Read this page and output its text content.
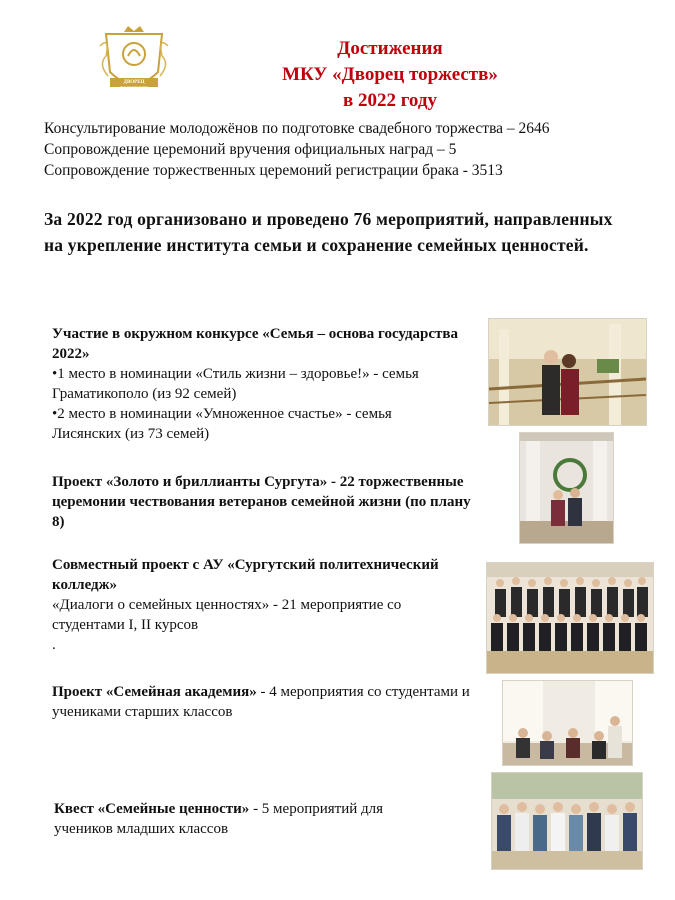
ДВОРЕЦ ТОРЖЕСТВ
Достижения
МКУ «Дворец торжеств»
в 2022 году
Консультирование молодожёнов по подготовке свадебного торжества – 2646
Сопровождение церемоний вручения официальных наград – 5
Сопровождение торжественных церемоний регистрации брака - 3513
За 2022 год организовано и проведено 76 мероприятий, направленных на укрепление института семьи и сохранение семейных ценностей.
Участие в окружном конкурсе «Семья – основа государства 2022»
•1 место в номинации «Стиль жизни – здоровье!» - семья Граматикополо (из 92 семей)
•2 место в номинации «Умноженное счастье» - семья Лисянских (из 73 семей)
Проект «Золото и бриллианты Сургута» - 22 торжественные церемонии чествования ветеранов семейной жизни (по плану 8)
Совместный проект с АУ «Сургутский политехнический колледж»
«Диалоги о семейных ценностях» - 21 мероприятие со студентами I, II курсов
.
Проект «Семейная академия» - 4 мероприятия со студентами и учениками старших классов
Квест «Семейные ценности» - 5 мероприятий для учеников младших классов
